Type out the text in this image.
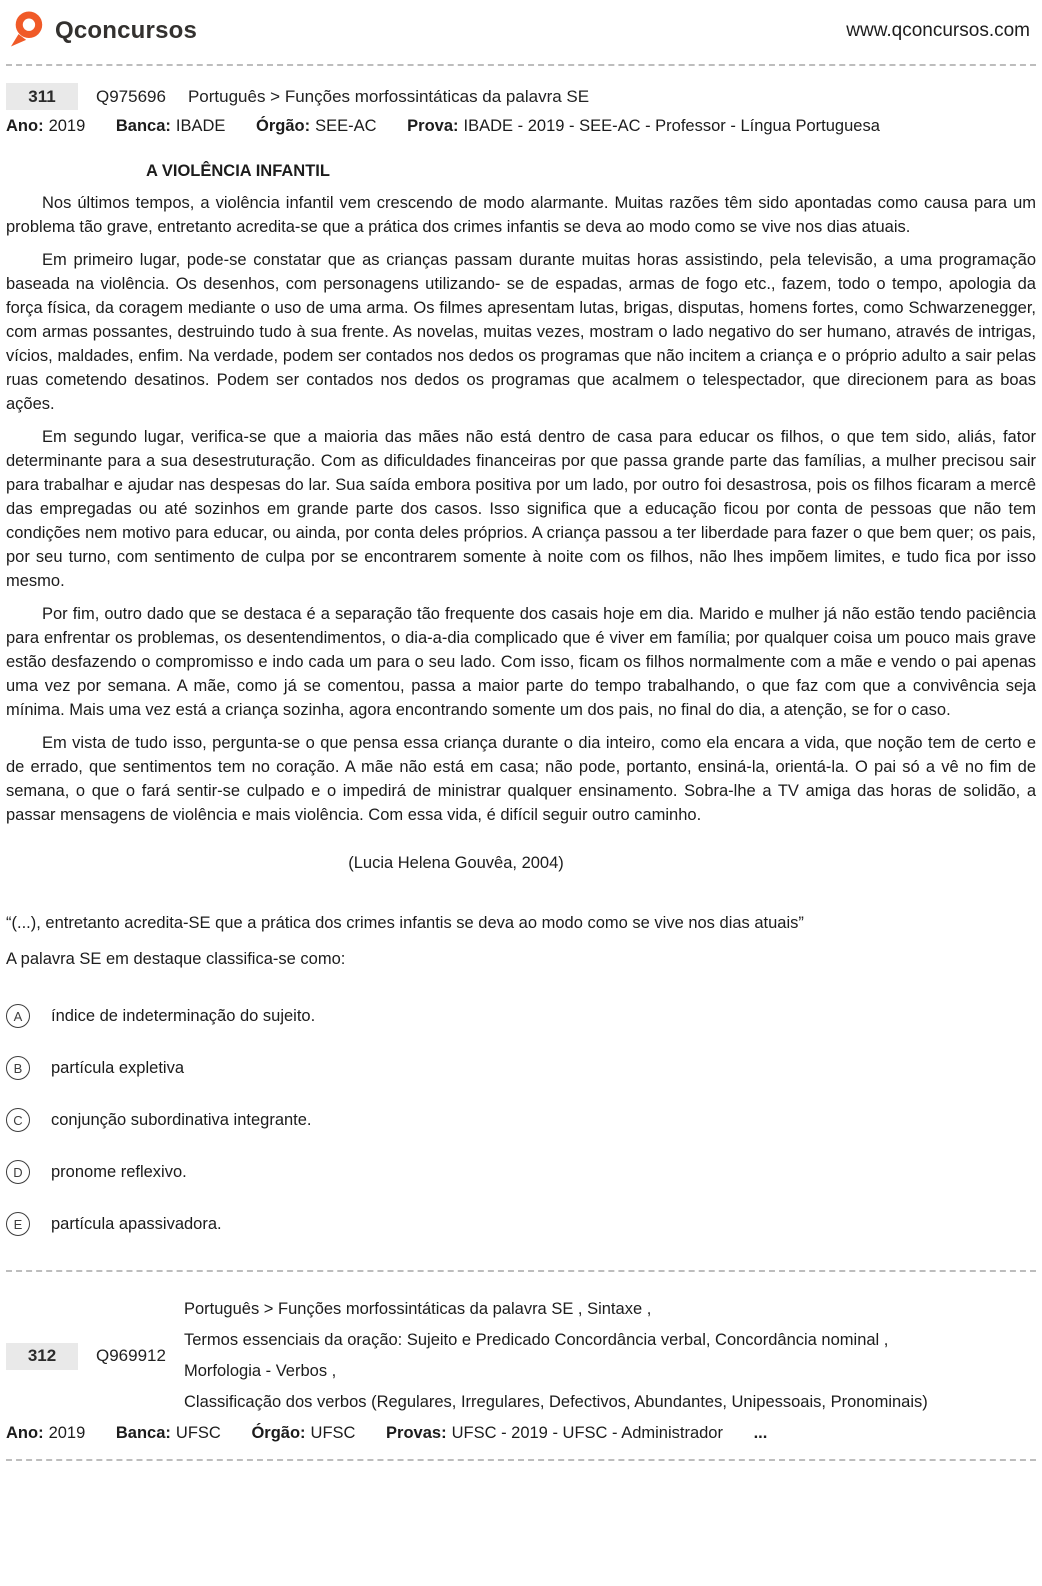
Qconcursos	www.qconcursos.com
311	Q975696 Português > Funções morfossintáticas da palavra SE
Ano: 2019 Banca: IBADE Órgão: SEE-AC Prova: IBADE - 2019 - SEE-AC - Professor - Língua Portuguesa
A VIOLÊNCIA INFANTIL

Nos últimos tempos, a violência infantil vem crescendo de modo alarmante. Muitas razões têm sido apontadas como causa para um problema tão grave, entretanto acredita-se que a prática dos crimes infantis se deva ao modo como se vive nos dias atuais.

Em primeiro lugar, pode-se constatar que as crianças passam durante muitas horas assistindo, pela televisão, a uma programação baseada na violência. Os desenhos, com personagens utilizando- se de espadas, armas de fogo etc., fazem, todo o tempo, apologia da força física, da coragem mediante o uso de uma arma. Os filmes apresentam lutas, brigas, disputas, homens fortes, como Schwarzenegger, com armas possantes, destruindo tudo à sua frente. As novelas, muitas vezes, mostram o lado negativo do ser humano, através de intrigas, vícios, maldades, enfim. Na verdade, podem ser contados nos dedos os programas que não incitem a criança e o próprio adulto a sair pelas ruas cometendo desatinos. Podem ser contados nos dedos os programas que acalmem o telespectador, que direcionem para as boas ações.

Em segundo lugar, verifica-se que a maioria das mães não está dentro de casa para educar os filhos, o que tem sido, aliás, fator determinante para a sua desestruturação. Com as dificuldades financeiras por que passa grande parte das famílias, a mulher precisou sair para trabalhar e ajudar nas despesas do lar. Sua saída embora positiva por um lado, por outro foi desastrosa, pois os filhos ficaram a mercê das empregadas ou até sozinhos em grande parte dos casos. Isso significa que a educação ficou por conta de pessoas que não tem condições nem motivo para educar, ou ainda, por conta deles próprios. A criança passou a ter liberdade para fazer o que bem quer; os pais, por seu turno, com sentimento de culpa por se encontrarem somente à noite com os filhos, não lhes impõem limites, e tudo fica por isso mesmo.

Por fim, outro dado que se destaca é a separação tão frequente dos casais hoje em dia. Marido e mulher já não estão tendo paciência para enfrentar os problemas, os desentendimentos, o dia-a-dia complicado que é viver em família; por qualquer coisa um pouco mais grave estão desfazendo o compromisso e indo cada um para o seu lado. Com isso, ficam os filhos normalmente com a mãe e vendo o pai apenas uma vez por semana. A mãe, como já se comentou, passa a maior parte do tempo trabalhando, o que faz com que a convivência seja mínima. Mais uma vez está a criança sozinha, agora encontrando somente um dos pais, no final do dia, a atenção, se for o caso.

Em vista de tudo isso, pergunta-se o que pensa essa criança durante o dia inteiro, como ela encara a vida, que noção tem de certo e de errado, que sentimentos tem no coração. A mãe não está em casa; não pode, portanto, ensiná-la, orientá-la. O pai só a vê no fim de semana, o que o fará sentir-se culpado e o impedirá de ministrar qualquer ensinamento. Sobra-lhe a TV amiga das horas de solidão, a passar mensagens de violência e mais violência. Com essa vida, é difícil seguir outro caminho.

(Lucia Helena Gouvêa, 2004)
“(...), entretanto acredita-SE que a prática dos crimes infantis se deva ao modo como se vive nos dias atuais”
A palavra SE em destaque classifica-se como:
A	índice de indeterminação do sujeito.
B	partícula expletiva
C	conjunção subordinativa integrante.
D	pronome reflexivo.
E	partícula apassivadora.
312	Q969912
Português > Funções morfossintáticas da palavra SE , Sintaxe ,
Termos essenciais da oração: Sujeito e Predicado Concordância verbal, Concordância nominal ,
Morfologia - Verbos ,
Classificação dos verbos (Regulares, Irregulares, Defectivos, Abundantes, Unipessoais, Pronominais)
Ano: 2019 Banca: UFSC Órgão: UFSC Provas: UFSC - 2019 - UFSC - Administrador ...
